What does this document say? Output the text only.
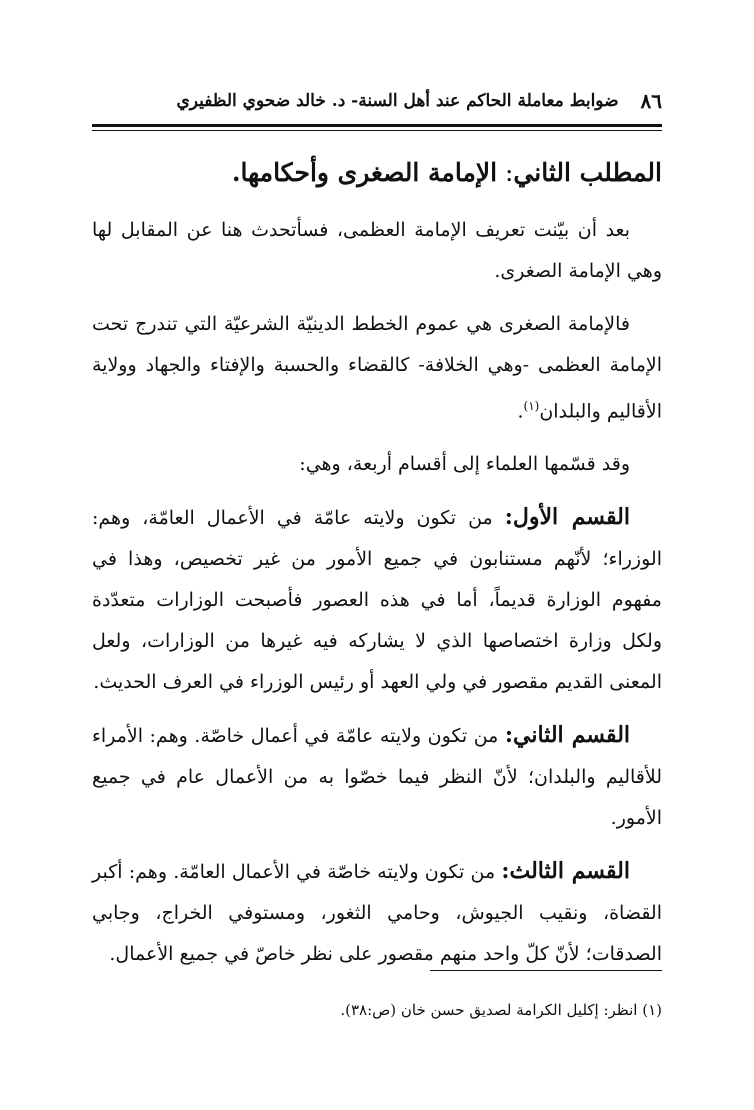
٨٦
ضوابط معاملة الحاكم عند أهل السنة- د. خالد ضحوي الظفيري

المطلب الثاني: الإمامة الصغرى وأحكامها.

بعد أن بيّنت تعريف الإمامة العظمى، فسأتحدث هنا عن المقابل لها وهي الإمامة الصغرى.

فالإمامة الصغرى هي عموم الخطط الدينيّة الشرعيّة التي تندرج تحت الإمامة العظمى -وهي الخلافة- كالقضاء والحسبة والإفتاء والجهاد وولاية الأقاليم والبلدان$^{(١)}$.

وقد قسّمها العلماء إلى أقسام أربعة، وهي:

القسم الأول: من تكون ولايته عامّة في الأعمال العامّة، وهم: الوزراء؛ لأنّهم مستنابون في جميع الأمور من غير تخصيص، وهذا في مفهوم الوزارة قديماً، أما في هذه العصور فأصبحت الوزارات متعدّدة ولكل وزارة اختصاصها الذي لا يشاركه فيه غيرها من الوزارات، ولعل المعنى القديم مقصور في ولي العهد أو رئيس الوزراء في العرف الحديث.

القسم الثاني: من تكون ولايته عامّة في أعمال خاصّة. وهم: الأمراء للأقاليم والبلدان؛ لأنّ النظر فيما خصّوا به من الأعمال عام في جميع الأمور.

القسم الثالث: من تكون ولايته خاصّة في الأعمال العامّة. وهم: أكبر القضاة، ونقيب الجيوش، وحامي الثغور، ومستوفي الخراج، وجابي الصدقات؛ لأنّ كلّ واحد منهم مقصور على نظر خاصّ في جميع الأعمال.

(١) انظر: إكليل الكرامة لصديق حسن خان (ص:٣٨).
